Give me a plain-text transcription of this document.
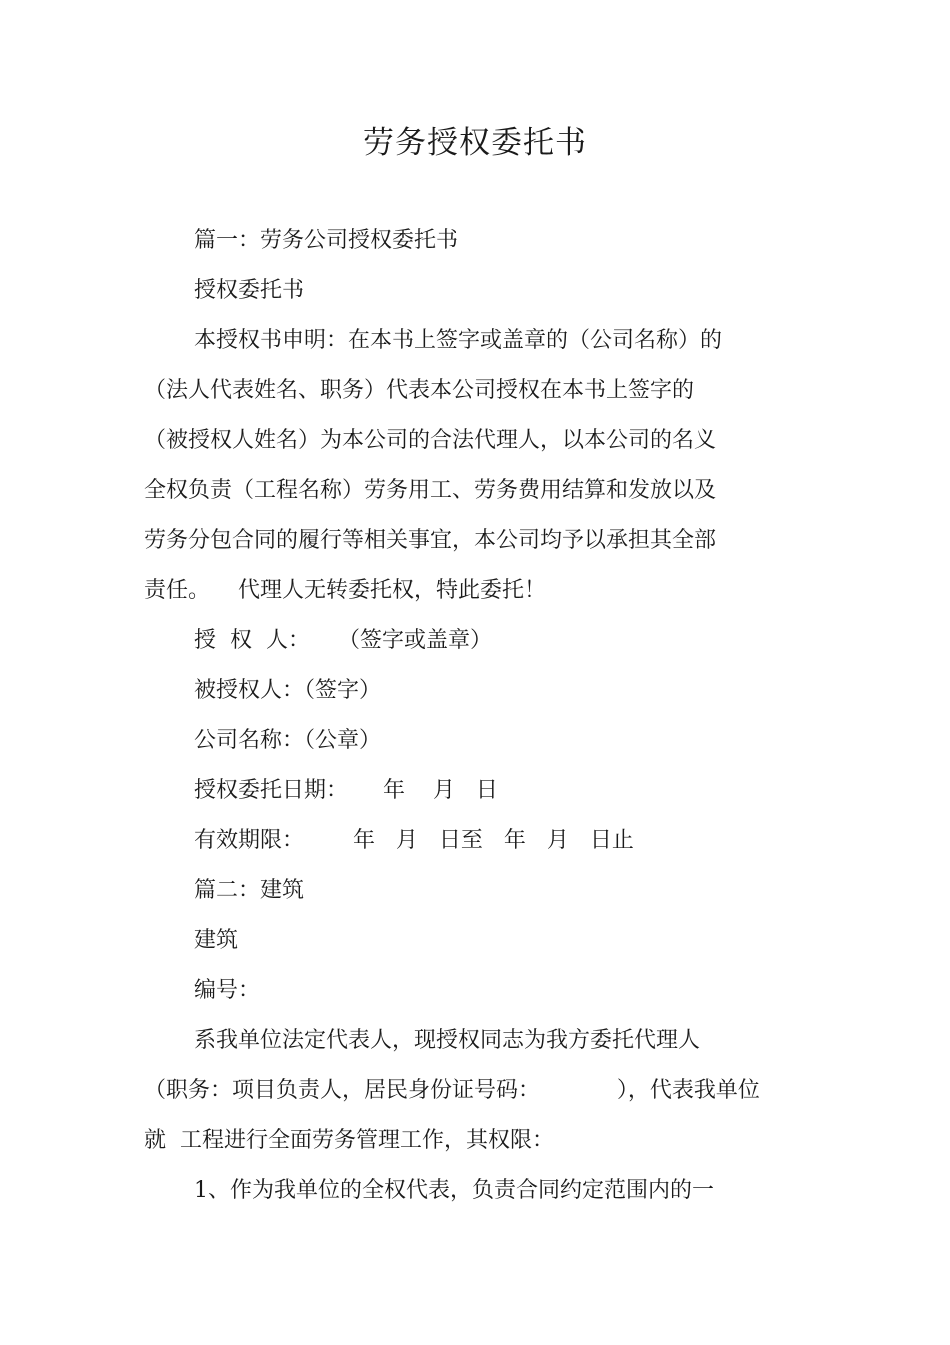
劳务授权委托书
篇一：劳务公司授权委托书
授权委托书
本授权书申明：在本书上签字或盖章的（公司名称）的
（法人代表姓名、职务）代表本公司授权在本书上签字的
（被授权人姓名）为本公司的合法代理人，以本公司的名义
全权负责（工程名称）劳务用工、劳务费用结算和发放以及
劳务分包合同的履行等相关事宜，本公司均予以承担其全部
责任。    代理人无转委托权，特此委托！
授  权  人：    （签字或盖章）
被授权人：（签字）
公司名称：（公章）
授权委托日期：     年    月   日
有效期限：       年   月   日至   年   月   日止
篇二：建筑
建筑
编号：
系我单位法定代表人，现授权同志为我方委托代理人
（职务：项目负责人，居民身份证号码：           ），代表我单位
就  工程进行全面劳务管理工作，其权限：
1、作为我单位的全权代表，负责合同约定范围内的一
